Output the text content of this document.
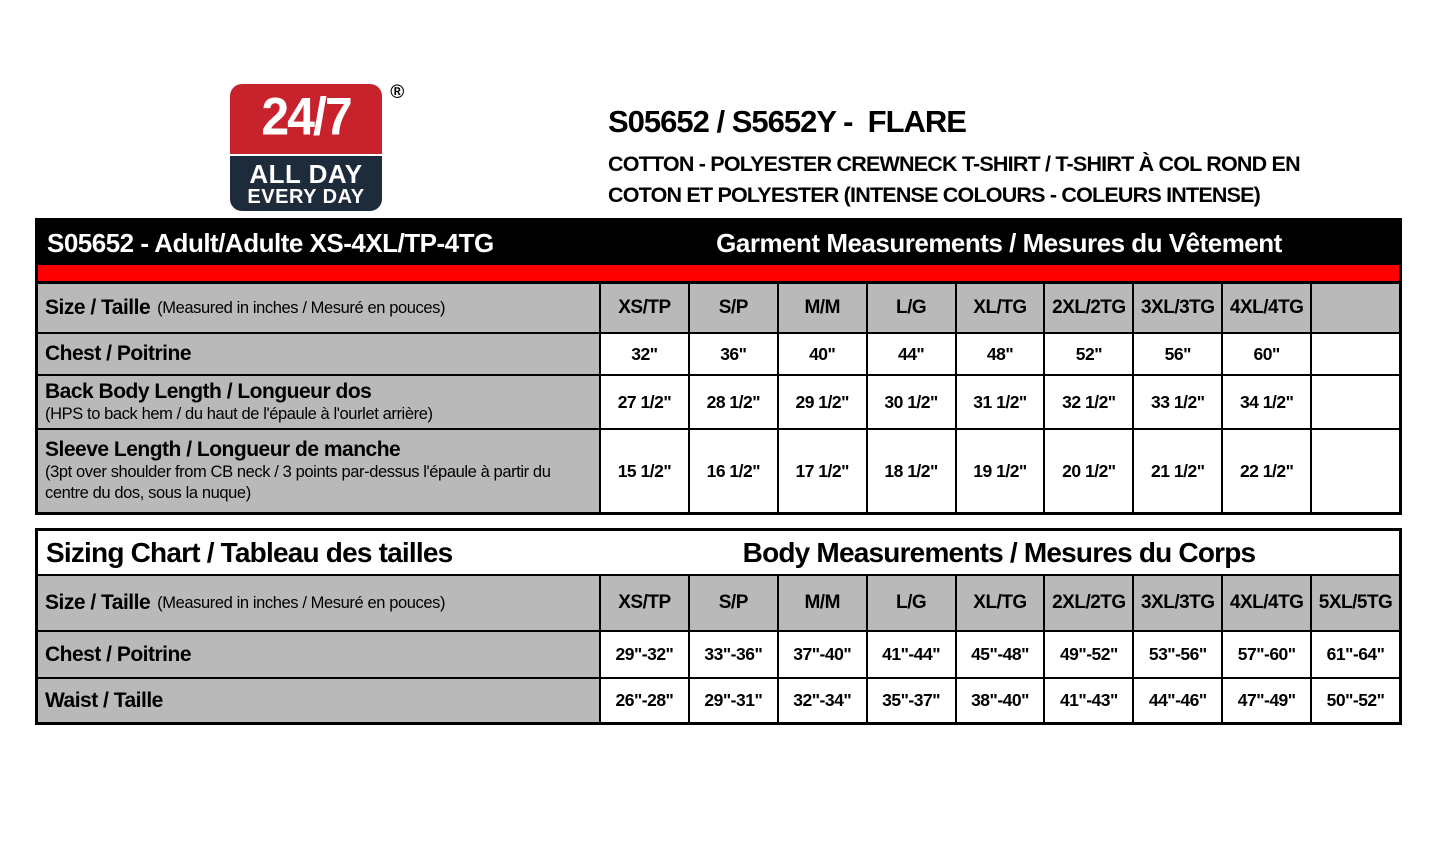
24/7 ®
ALL DAY
EVERY DAY
S05652 / S5652Y -  FLARE
COTTON - POLYESTER CREWNECK T-SHIRT / T-SHIRT À COL ROND EN
COTON ET POLYESTER (INTENSE COLOURS - COLEURS INTENSE)
S05652 - Adult/Adulte XS-4XL/TP-4TG	Garment Measurements / Mesures du Vêtement
Size / Taille (Measured in inches / Mesuré en pouces)	XS/TP	S/P	M/M	L/G	XL/TG	2XL/2TG 3XL/3TG 4XL/4TG
Chest / Poitrine	32"	36"	40"	44"	48"	52"	56"	60"
Back Body Length / Longueur dos
(HPS to back hem / du haut de l'épaule à l'ourlet arrière)
27 1/2"	28 1/2"	29 1/2"	30 1/2"	31 1/2"	32 1/2"	33 1/2"	34 1/2"
Sleeve Length / Longueur de manche
(3pt over shoulder from CB neck / 3 points par-dessus l'épaule à partir du centre du dos, sous la nuque)
15 1/2"	16 1/2"	17 1/2"	18 1/2"	19 1/2"	20 1/2"	21 1/2"	22 1/2"
Sizing Chart / Tableau des tailles	Body Measurements / Mesures du Corps
Size / Taille (Measured in inches / Mesuré en pouces)	XS/TP	S/P	M/M	L/G	XL/TG	2XL/2TG 3XL/3TG 4XL/4TG 5XL/5TG
Chest / Poitrine	29"-32"	33"-36"	37"-40"	41"-44"	45"-48"	49"-52"	53"-56"	57"-60"	61"-64"
Waist / Taille	26"-28"	29"-31"	32"-34"	35"-37"	38"-40"	41"-43"	44"-46"	47"-49"	50"-52"
